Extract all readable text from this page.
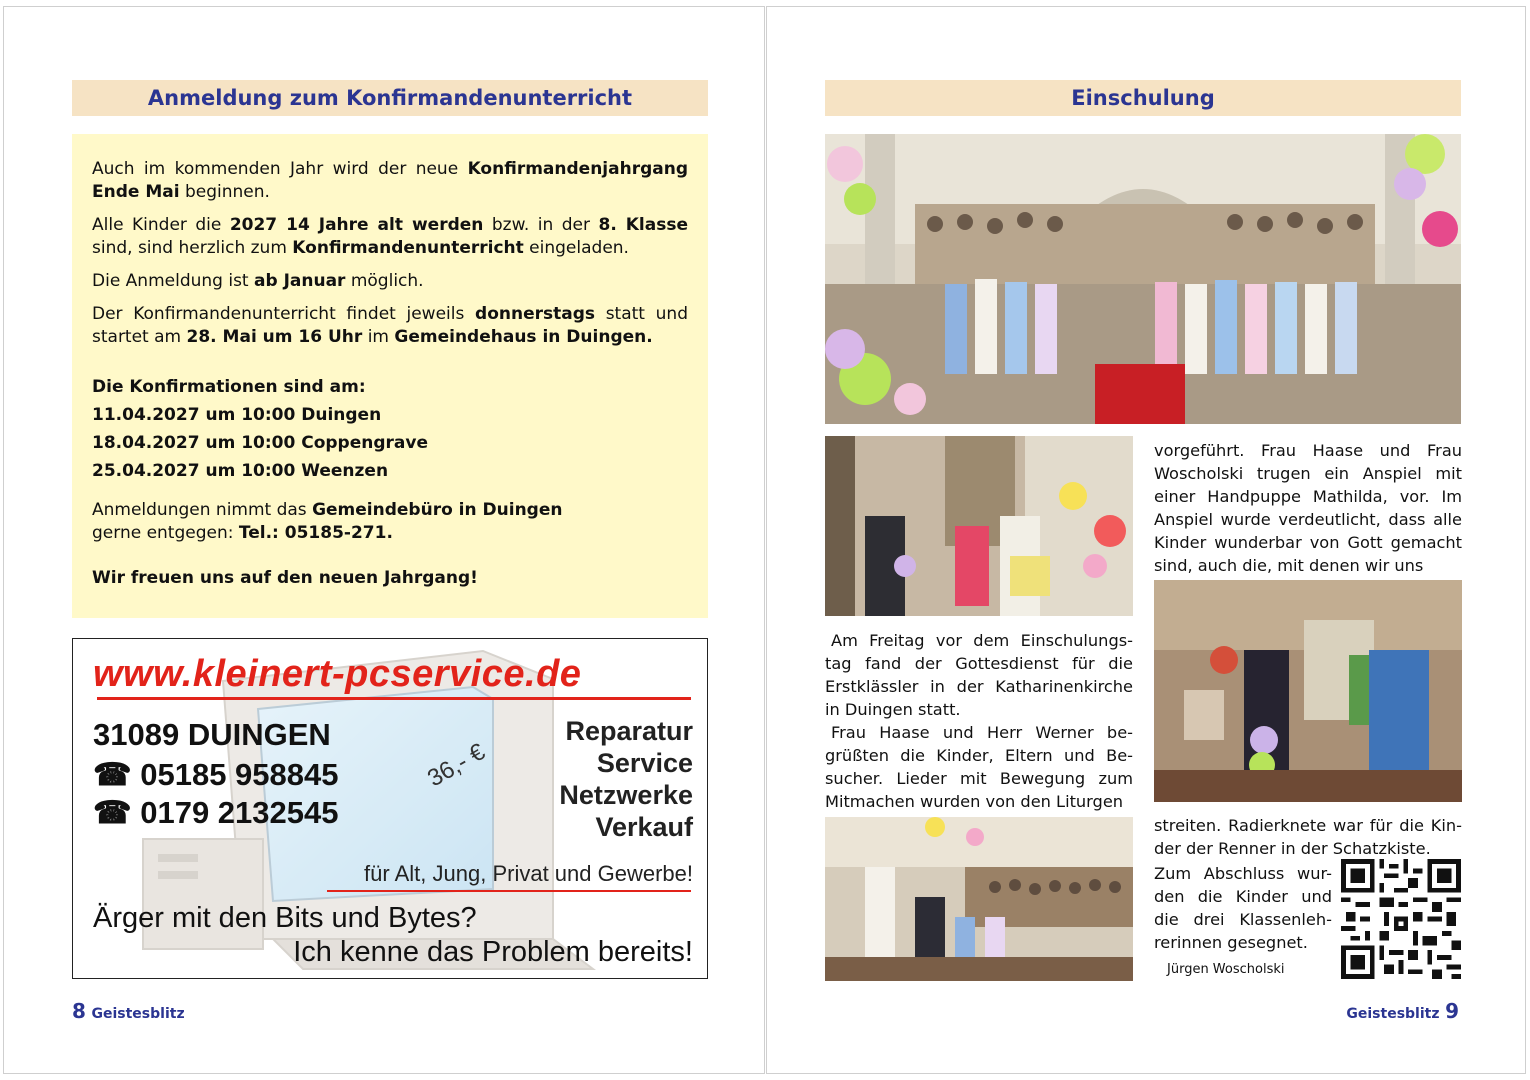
Anmeldung zum Konfirmandenunterricht

Auch im kommenden Jahr wird der neue Konfirmandenjahrgang Ende Mai beginnen.

Alle Kinder die 2027 14 Jahre alt werden bzw. in der 8. Klasse sind, sind herzlich zum Konfirmandenunterricht eingeladen.

Die Anmeldung ist ab Januar möglich.

Der Konfirmandenunterricht findet jeweils donnerstags statt und startet am 28. Mai um 16 Uhr im Gemeindehaus in Duingen.

Die Konfirmationen sind am:

11.04.2027 um 10:00 Duingen

18.04.2027 um 10:00 Coppengrave

25.04.2027 um 10:00 Weenzen

Anmeldungen nimmt das Gemeindebüro in Duingen
gerne entgegen: Tel.: 05185-271.

Wir freuen uns auf den neuen Jahrgang!

www.kleinert-pcservice.de
31089 DUINGEN
☎ 05185 958845
☎ 0179 2132545
36,- €
Reparatur
Service
Netzwerke
Verkauf
für Alt, Jung, Privat und Gewerbe!
Ärger mit den Bits und Bytes?
Ich kenne das Problem bereits!
8 Geistesblitz
Einschulung

Am Freitag vor dem Einschulungs-tag fand der Gottesdienst für die Erstklässler in der Katharinenkirche in Duingen statt.

Frau Haase und Herr Werner be-grüßten die Kinder, Eltern und Be-sucher. Lieder mit Bewegung zum Mitmachen wurden von den Liturgen

vorgeführt. Frau Haase und Frau Woscholski trugen ein Anspiel mit einer Handpuppe Mathilda, vor. Im Anspiel wurde verdeutlicht, dass alle Kinder wunderbar von Gott gemacht sind, auch die, mit denen wir uns
streiten. Radierknete war für die Kin-der der Renner in der Schatzkiste.
Zum Abschluss wur-den die Kinder und die drei Klassenleh-rerinnen gesegnet.
Jürgen Woscholski
Geistesblitz 9
